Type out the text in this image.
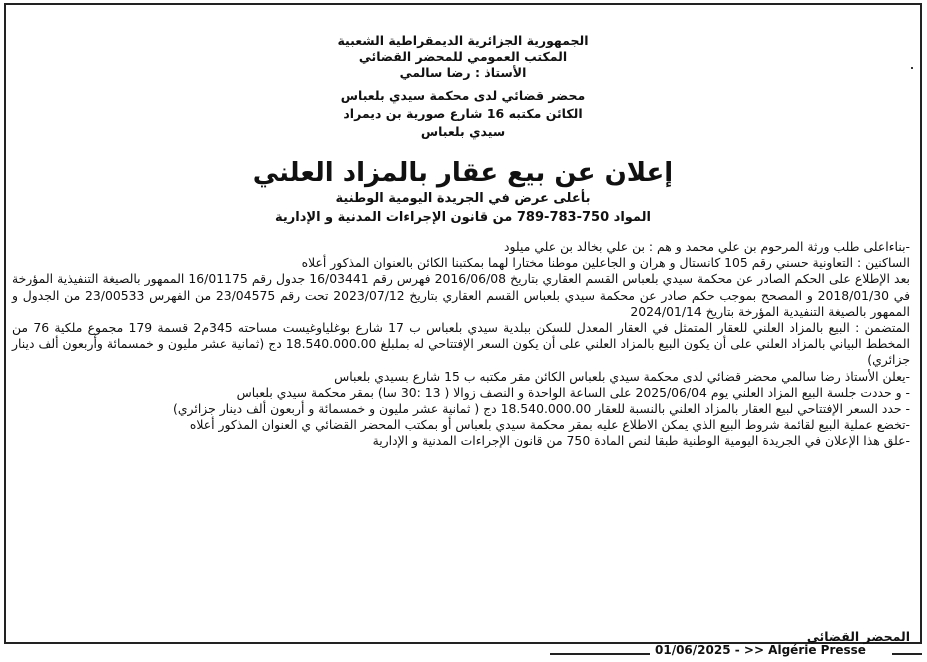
الجمهورية الجزائرية الديمقراطية الشعبية
المكتب العمومي للمحضر القضائي
الأستاذ : رضا سالمي
محضر قضائي لدى محكمة سيدي بلعباس
الكائن مكتبه 16 شارع صورية بن ديمراد
سيدي بلعباس
إعلان عن بيع عقار بالمزاد العلني
بأعلى عرض في الجريدة اليومية الوطنية
المواد 750-783-789 من قانون الإجراءات المدنية و الإدارية

-بناءاعلى طلب ورثة المرحوم بن علي محمد و هم : بن علي بخالد بن علي ميلود

الساكنين : التعاونية حسني رقم 105 كانستال و هران و الجاعلين موطنا مختارا لهما بمكتبنا الكائن بالعنوان المذكور أعلاه

بعد الإطلاع على الحكم الصادر عن محكمة سيدي بلعباس القسم العقاري بتاريخ 2016/06/08 فهرس رقم 16/03441 جدول رقم 16/01175 الممهور بالصيغة التنفيذية المؤرخة في 2018/01/30 و المصحح بموجب حكم صادر عن محكمة سيدي بلعباس القسم العقاري بتاريخ 2023/07/12 تحت رقم 23/04575 من الفهرس 23/00533 من الجدول و الممهور بالصيغة التنفيدية المؤرخة بتاريخ 2024/01/14

المتضمن : البيع بالمزاد العلني للعقار المتمثل في العقار المعدل للسكن ببلدية سيدي بلعباس ب 17 شارع بوغلياوغيست مساحته 345م2 قسمة 179 مجموع ملكية 76 من المخطط البياني بالمزاد العلني على أن يكون البيع بالمزاد العلني على أن يكون السعر الإفتتاحي له بملبلغ 18.540.000.00 دج (ثمانية عشر مليون و خمسمائة وأربعون ألف دينار جزائري)

-يعلن الأستاذ رضا سالمي محضر قضائي لدى محكمة سيدي بلعباس الكائن مقر مكتبه ب 15 شارع بسيدي بلعباس

- و حددت جلسة البيع المزاد العلني يوم 2025/06/04 على الساعة الواحدة و النصف زوالا ( 13 :30 سا) بمقر محكمة سيدي بلعباس

- حدد السعر الإفتتاحي لبيع العقار بالمزاد العلني بالنسبة للعقار 18.540.000.00 دج ( ثمانية عشر مليون و خمسمائة و أربعون ألف دينار جزائري)

-تخضع عملية البيع لقائمة شروط البيع الذي يمكن الاطلاع عليه بمقر محكمة سيدي بلعباس أو بمكتب المحضر القضائي ي العنوان المذكور أعلاه

-علق هذا الإعلان في الجريدة اليومية الوطنية طبقا لنص المادة 750 من قانون الإجراءات المدنية و الإدارية

المحضر القضائي
01/06/2025 - >> Algérie Presse
